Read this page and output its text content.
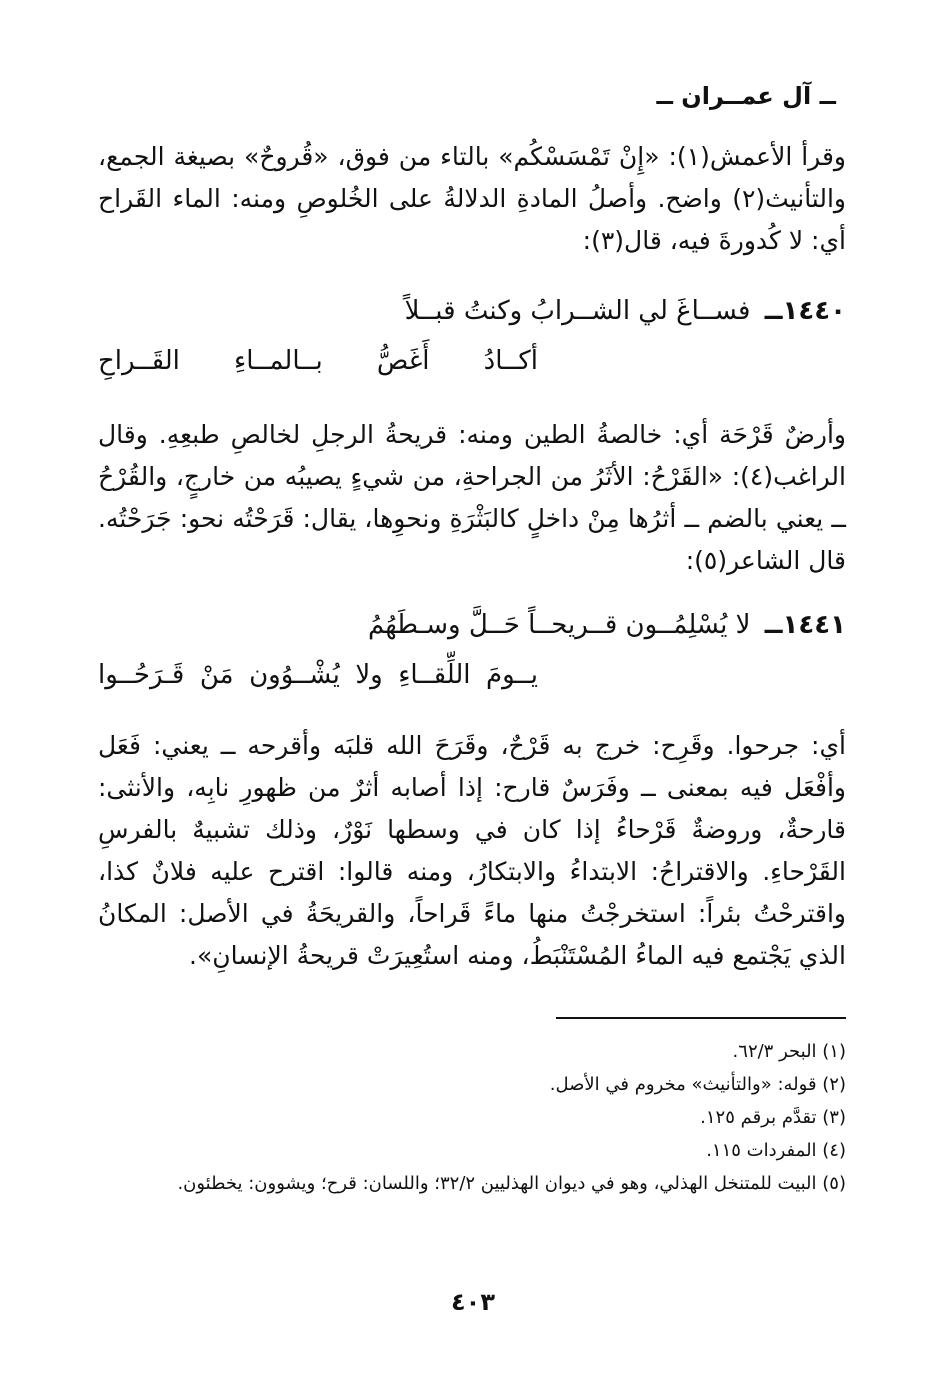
ــ آل عمــران ــ

وقرأ الأعمش(١): «إِنْ تَمْسَسْكُم» بالتاء من فوق، «قُروحٌ» بصيغة الجمع، والتأنيث(٢) واضح. وأصلُ المادةِ الدلالةُ على الخُلوصِ ومنه: الماء القَراح أي: لا كُدورةَ فيه، قال(٣):

١٤٤٠ــ فســاغَ لي الشــرابُ وكنتُ قبــلاً
أكــادُ أَغَصُّ بــالمــاءِ القَــراحِ

وأرضٌ قَرْحَة أي: خالصةُ الطين ومنه: قريحةُ الرجلِ لخالصِ طبعِهِ. وقال الراغب(٤): «القَرْحُ: الأثَرُ من الجراحةِ، من شيءٍ يصيبُه من خارجٍ، والقُرْحُ ــ يعني بالضم ــ أثرُها مِنْ داخلٍ كالبَثْرَةِ ونحوِها، يقال: قَرَحْتُه نحو: جَرَحْتُه. قال الشاعر(٥):

١٤٤١ــ لا يُسْلِمُــون قــريحــاً حَــلَّ وسـطَهُمُ
يــومَ اللِّقــاءِ ولا يُشْــوُون مَنْ قَـرَحُــوا

أي: جرحوا. وقَرِح: خرج به قَرْحٌ، وقَرَحَ الله قلبَه وأقرحه ــ يعني: فَعَل وأفْعَل فيه بمعنى ــ وفَرَسٌ قارح: إذا أصابه أثرٌ من ظهورِ نابِه، والأنثى: قارحةٌ، وروضةٌ قَرْحاءُ إذا كان في وسطها نَوْرٌ، وذلك تشبيهٌ بالفرسِ القَرْحاءِ. والاقتراحُ: الابتداءُ والابتكارُ، ومنه قالوا: اقترح عليه فلانٌ كذا، واقترحْتُ بئراً: استخرجْتُ منها ماءً قَراحاً، والقريحَةُ في الأصل: المكانُ الذي يَجْتمع فيه الماءُ المُسْتَنْبَطُ، ومنه استُعِيرَتْ قريحةُ الإنسانِ».

(١) البحر ٦٢/٣.
(٢) قوله: «والتأنيث» مخروم في الأصل.
(٣) تقدَّم برقم ١٢٥.
(٤) المفردات ١١٥.
(٥) البيت للمتنخل الهذلي، وهو في ديوان الهذليين ٣٢/٢؛ واللسان: قرح؛ ويشوون: يخطئون.
٤٠٣
